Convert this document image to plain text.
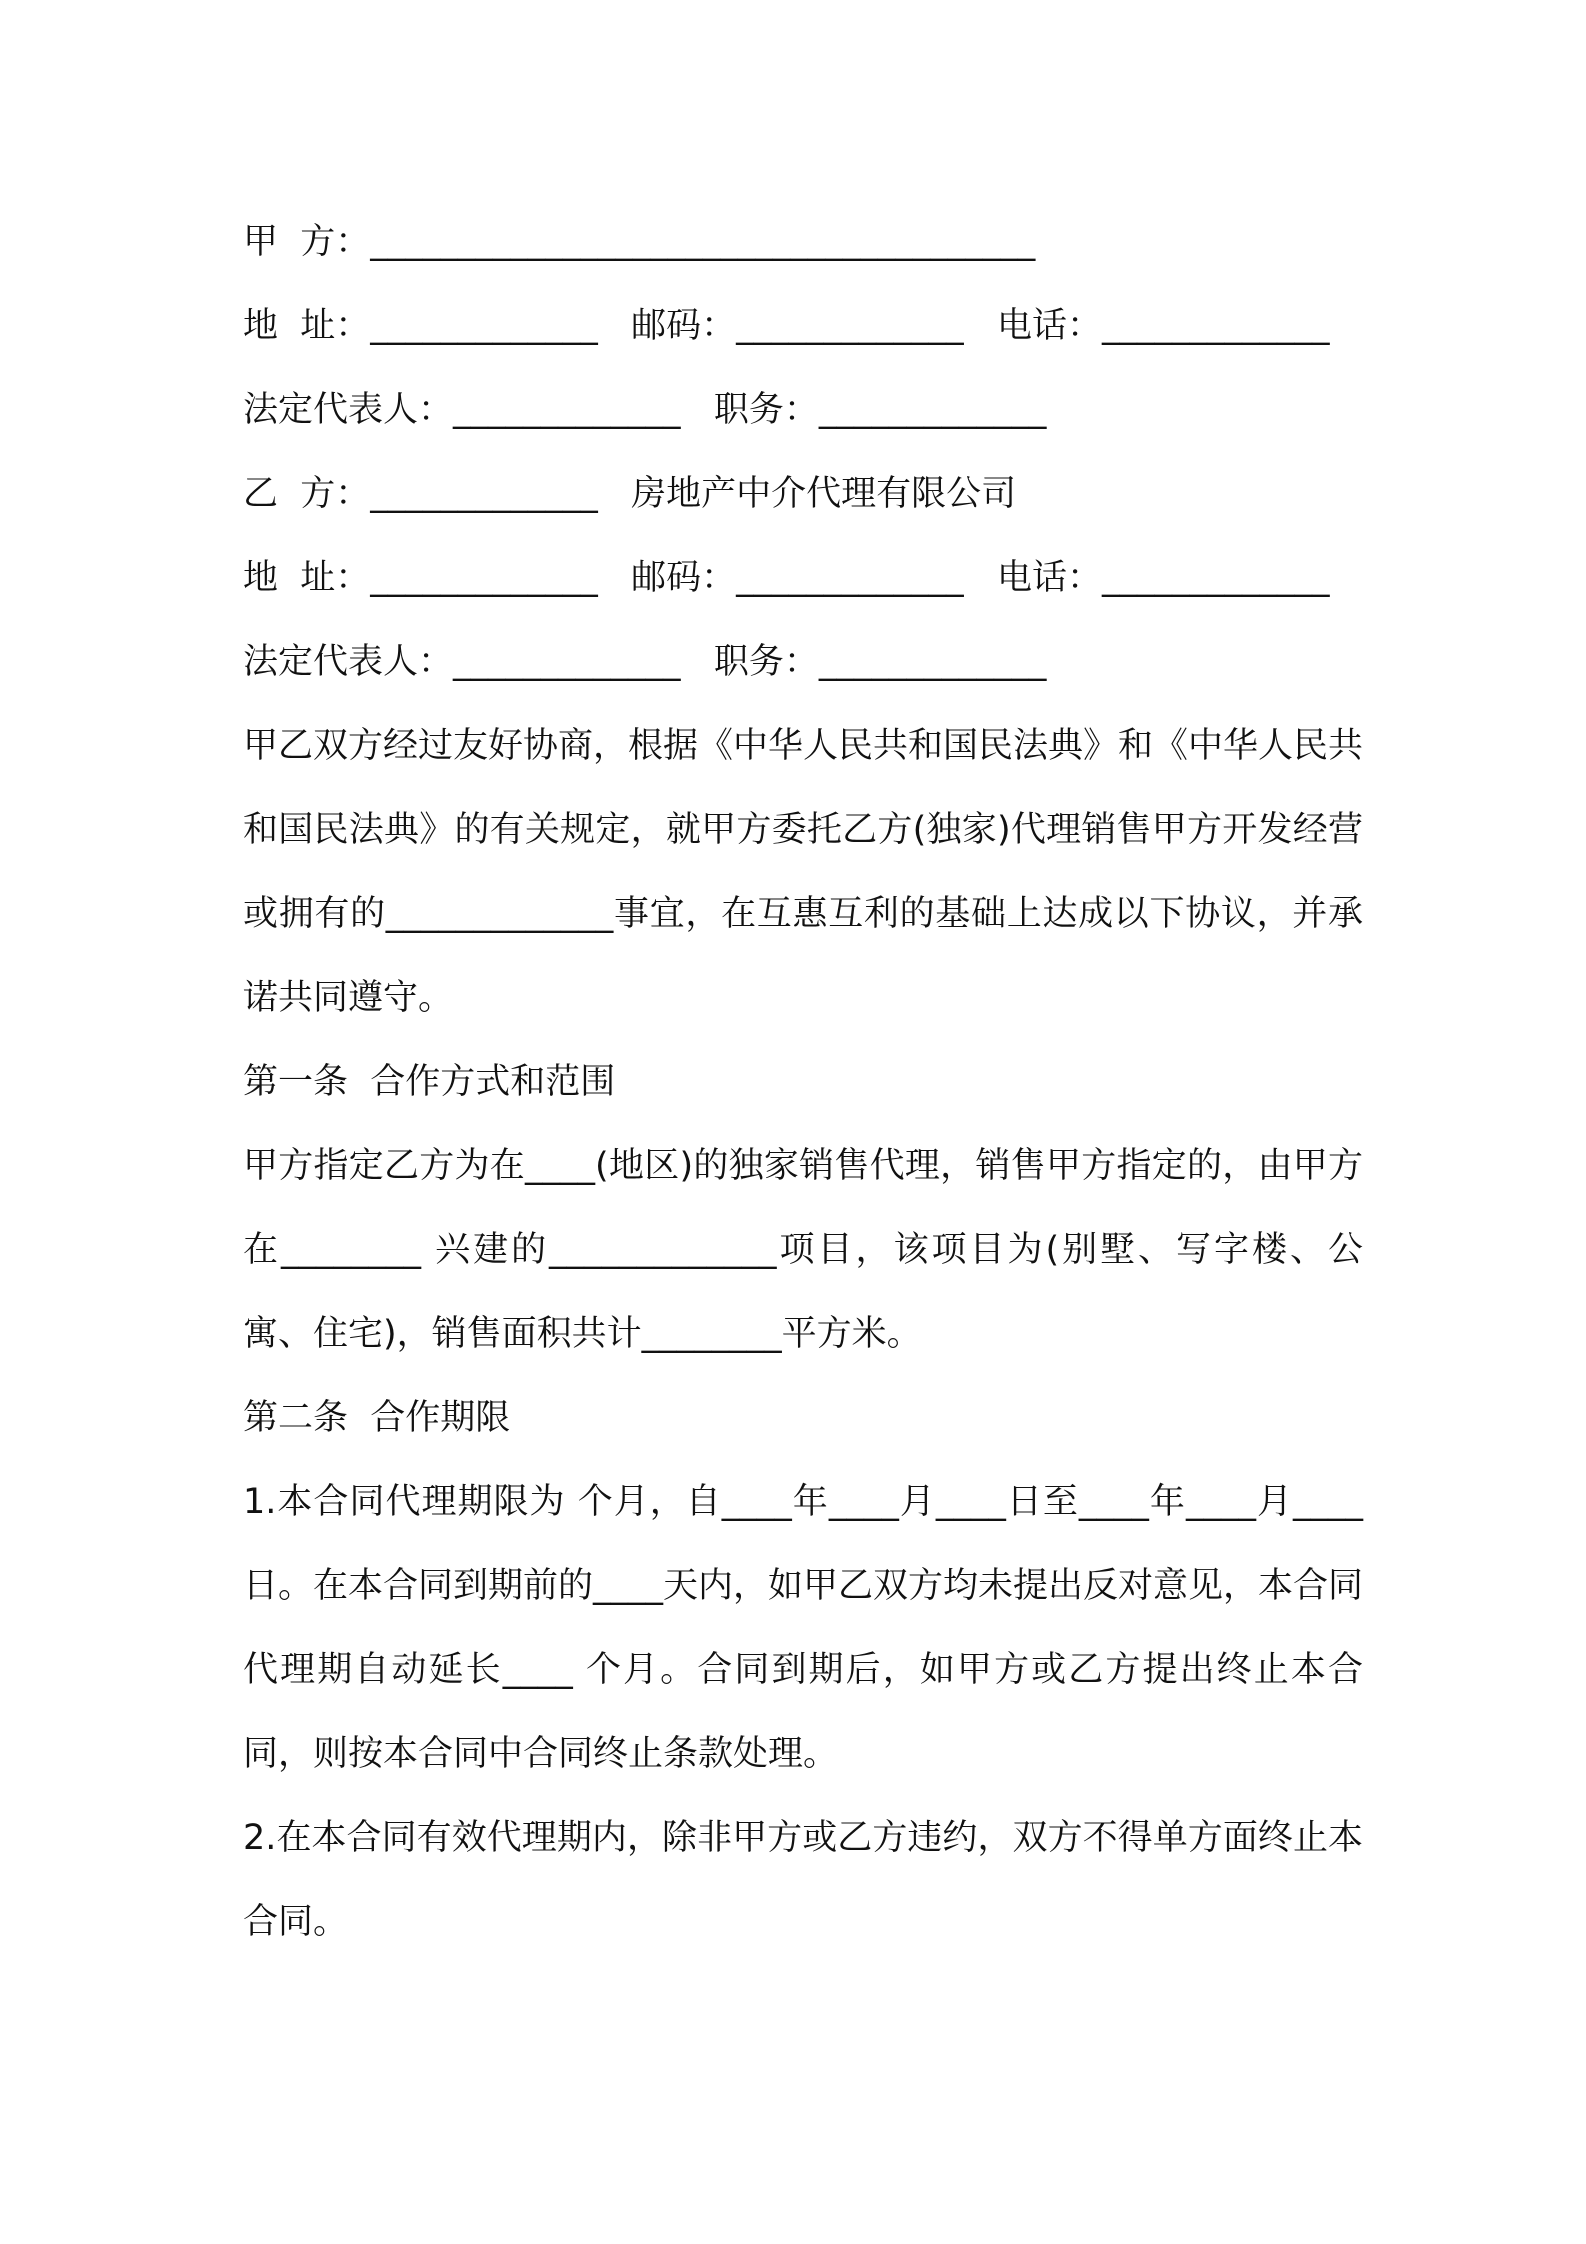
甲  方：______________________________________
地  址：_____________   邮码：_____________   电话：_____________
法定代表人：_____________   职务：_____________
乙  方：_____________   房地产中介代理有限公司
地  址：_____________   邮码：_____________   电话：_____________
法定代表人：_____________   职务：_____________
甲乙双方经过友好协商，根据《中华人民共和国民法典》和《中华人民共和国民法典》的有关规定，就甲方委托乙方(独家)代理销售甲方开发经营或拥有的_____________事宜，在互惠互利的基础上达成以下协议，并承诺共同遵守。
第一条  合作方式和范围
甲方指定乙方为在____(地区)的独家销售代理，销售甲方指定的，由甲方在________ 兴建的_____________项目，该项目为(别墅、写字楼、公寓、住宅)，销售面积共计________平方米。
第二条  合作期限
1.本合同代理期限为 个月，自____年____月____日至____年____月____日。在本合同到期前的____天内，如甲乙双方均未提出反对意见，本合同代理期自动延长____ 个月。合同到期后，如甲方或乙方提出终止本合同，则按本合同中合同终止条款处理。
2.在本合同有效代理期内，除非甲方或乙方违约，双方不得单方面终止本合同。
